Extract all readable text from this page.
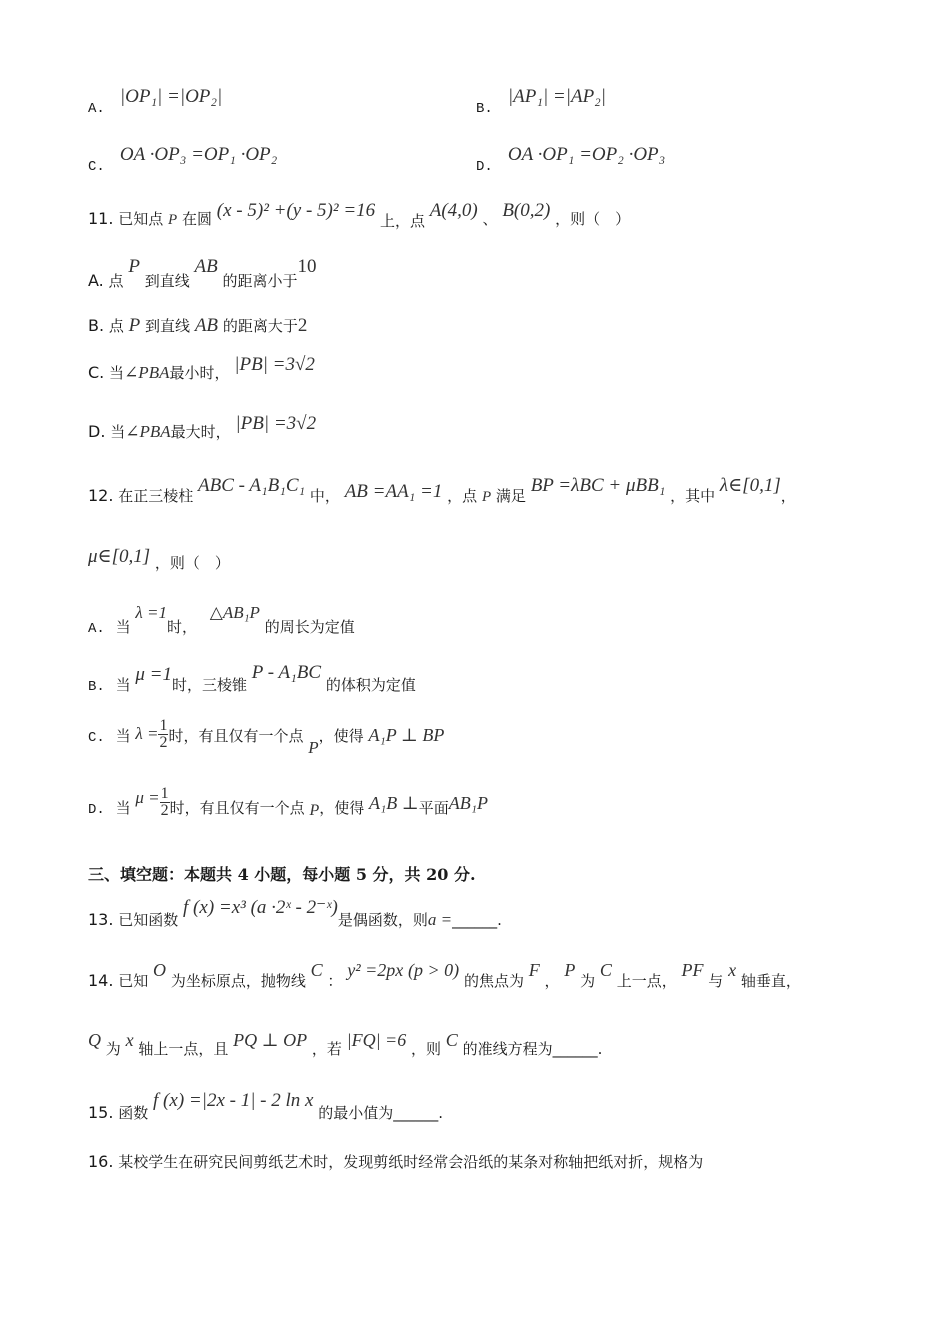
A. |OP₁| =|OP₂|
B. |AP₁| =|AP₂|
C. OA ·OP₃ =OP₁ ·OP₂
D. OA ·OP₁ =OP₂ ·OP₃
11. 已知点 P 在圆 (x - 5)² +(y - 5)² =16 上，点 A(4,0) 、 B(0,2) ，则（　）
A. 点 P 到直线 AB 的距离小于10
B. 点 P 到直线 AB 的距离大于2
C. 当∠PBA最小时， |PB| =3√2
D. 当∠PBA最大时， |PB| =3√2
12. 在正三棱柱 ABC - A₁B₁C₁ 中， AB =AA₁ =1 ，点 P 满足 BP =λBC + μBB₁ ，其中 λ∈[0,1]，
μ∈[0,1] ，则（　）
A. 当 λ =1时， △AB₁P 的周长为定值
B. 当 μ =1时，三棱锥 P - A₁BC 的体积为定值
C. 当 $\lambda = \frac{1}{2}$ 时，有且仅有一个点 P，使得 A₁P ⊥ BP
D. 当 $\mu = \frac{1}{2}$ 时，有且仅有一个点 P，使得 A₁B ⊥平面AB₁P
三、填空题：本题共 4 小题，每小题 5 分，共 20 分.
13. 已知函数 f (x) =x³ (a ·2ˣ - 2⁻ˣ)是偶函数，则a =______.
14. 已知 O 为坐标原点，抛物线 C ： y² =2px (p > 0) 的焦点为 F ， P 为 C 上一点， PF 与 x 轴垂直，
Q 为 x 轴上一点，且 PQ ⊥ OP ，若 |FQ| =6 ，则 C 的准线方程为______.
15. 函数 f (x) =|2x - 1| - 2 ln x 的最小值为______.
16. 某校学生在研究民间剪纸艺术时，发现剪纸时经常会沿纸的某条对称轴把纸对折，规格为
